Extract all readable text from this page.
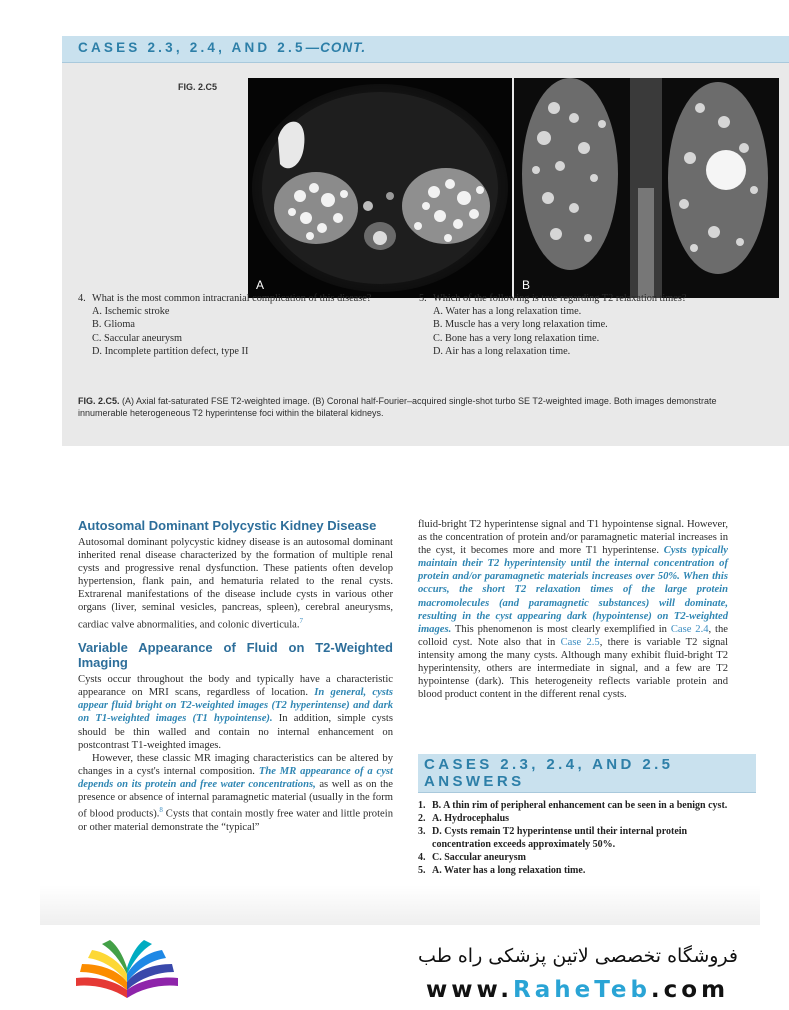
CASES 2.3, 2.4, AND 2.5—CONT.
FIG. 2.C5
A	B
4. What is the most common intracranial complication of this disease?
A. Ischemic stroke
B. Glioma
C. Saccular aneurysm
D. Incomplete partition defect, type II
5. Which of the following is true regarding T2 relaxation times?
A. Water has a long relaxation time.
B. Muscle has a very long relaxation time.
C. Bone has a very long relaxation time.
D. Air has a long relaxation time.
FIG. 2.C5. (A) Axial fat-saturated FSE T2-weighted image. (B) Coronal half-Fourier–acquired single-shot turbo SE T2-weighted image. Both images demonstrate innumerable heterogeneous T2 hyperintense foci within the bilateral kidneys.
Autosomal Dominant Polycystic Kidney Disease

Autosomal dominant polycystic kidney disease is an autosomal dominant inherited renal disease characterized by the formation of multiple renal cysts and progressive renal dysfunction. These patients often develop hypertension, flank pain, and hematuria related to the renal cysts. Extrarenal manifestations of the disease include cysts in various other organs (liver, seminal vesicles, pancreas, spleen), cerebral aneurysms, cardiac valve abnormalities, and colonic diverticula.$^7$

Variable Appearance of Fluid on T2-Weighted Imaging

Cysts occur throughout the body and typically have a characteristic appearance on MRI scans, regardless of location. In general, cysts appear fluid bright on T2-weighted images (T2 hyperintense) and dark on T1-weighted images (T1 hypointense). In addition, simple cysts should be thin walled and contain no internal enhancement on postcontrast T1-weighted images.

However, these classic MR imaging characteristics can be altered by changes in a cyst's internal composition. The MR appearance of a cyst depends on its protein and free water concentrations, as well as on the presence or absence of internal paramagnetic material (usually in the form of blood products).$^8$ Cysts that contain mostly free water and little protein or other material demonstrate the “typical”

fluid-bright T2 hyperintense signal and T1 hypointense signal. However, as the concentration of protein and/or paramagnetic material increases in the cyst, it becomes more and more T1 hyperintense. Cysts typically maintain their T2 hyperintensity until the internal concentration of protein and/or paramagnetic materials increases over 50%. When this occurs, the short T2 relaxation times of the large protein macromolecules (and paramagnetic substances) will dominate, resulting in the cyst appearing dark (hypointense) on T2-weighted images. This phenomenon is most clearly exemplified in Case 2.4, the colloid cyst. Note also that in Case 2.5, there is variable T2 signal intensity among the many cysts. Although many exhibit fluid-bright T2 hyperintensity, others are intermediate in signal, and a few are T2 hypointense (dark). This heterogeneity reflects variable protein and blood product content in the different renal cysts.

CASES 2.3, 2.4, AND 2.5
ANSWERS
1. B. A thin rim of peripheral enhancement can be seen in a benign cyst.
2. A. Hydrocephalus
3. D. Cysts remain T2 hyperintense until their internal protein concentration exceeds approximately 50%.
4. C. Saccular aneurysm
5. A. Water has a long relaxation time.
فروشگاه تخصصی لاتین پزشکی راه طب
www.RaheTeb.com
